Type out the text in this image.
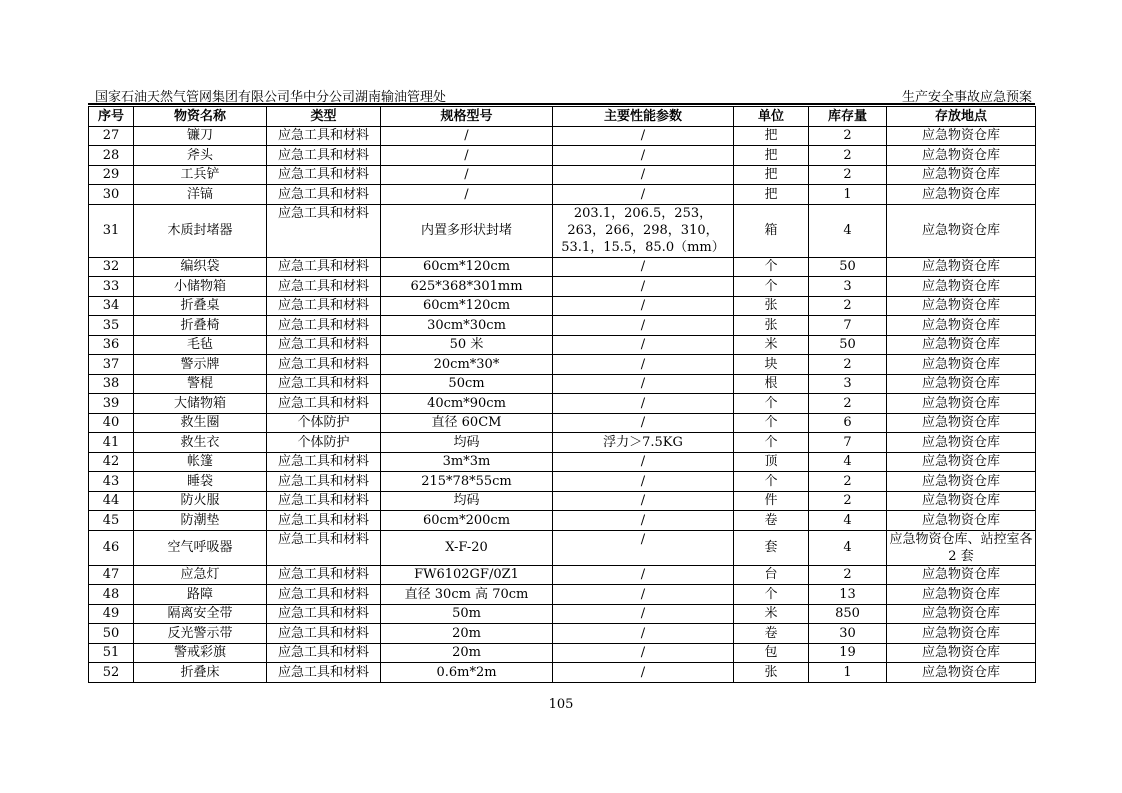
国家石油天然气管网集团有限公司华中分公司湖南输油管理处	生产安全事故应急预案
序号	物资名称	类型	规格型号	主要性能参数	单位	库存量	存放地点
27	镰刀	应急工具和材料	/	/	把	2	应急物资仓库
28	斧头	应急工具和材料	/	/	把	2	应急物资仓库
29	工兵铲	应急工具和材料	/	/	把	2	应急物资仓库
30	洋镐	应急工具和材料	/	/	把	1	应急物资仓库
31	木质封堵器	应急工具和材料	内置多形状封堵	203.1，206.5，253，263，266，298，310，53.1，15.5，85.0（mm）	箱	4	应急物资仓库
32	编织袋	应急工具和材料	60cm*120cm	/	个	50	应急物资仓库
33	小储物箱	应急工具和材料	625*368*301mm	/	个	3	应急物资仓库
34	折叠桌	应急工具和材料	60cm*120cm	/	张	2	应急物资仓库
35	折叠椅	应急工具和材料	30cm*30cm	/	张	7	应急物资仓库
36	毛毡	应急工具和材料	50 米	/	米	50	应急物资仓库
37	警示牌	应急工具和材料	20cm*30*	/	块	2	应急物资仓库
38	警棍	应急工具和材料	50cm	/	根	3	应急物资仓库
39	大储物箱	应急工具和材料	40cm*90cm	/	个	2	应急物资仓库
40	救生圈	个体防护	直径 60CM	/	个	6	应急物资仓库
41	救生衣	个体防护	均码	浮力＞7.5KG	个	7	应急物资仓库
42	帐篷	应急工具和材料	3m*3m	/	顶	4	应急物资仓库
43	睡袋	应急工具和材料	215*78*55cm	/	个	2	应急物资仓库
44	防火服	应急工具和材料	均码	/	件	2	应急物资仓库
45	防潮垫	应急工具和材料	60cm*200cm	/	卷	4	应急物资仓库
46	空气呼吸器	应急工具和材料	X-F-20	/	套	4	应急物资仓库、站控室各 2 套
47	应急灯	应急工具和材料	FW6102GF/0Z1	/	台	2	应急物资仓库
48	路障	应急工具和材料	直径 30cm 高 70cm	/	个	13	应急物资仓库
49	隔离安全带	应急工具和材料	50m	/	米	850	应急物资仓库
50	反光警示带	应急工具和材料	20m	/	卷	30	应急物资仓库
51	警戒彩旗	应急工具和材料	20m	/	包	19	应急物资仓库
52	折叠床	应急工具和材料	0.6m*2m	/	张	1	应急物资仓库
105
